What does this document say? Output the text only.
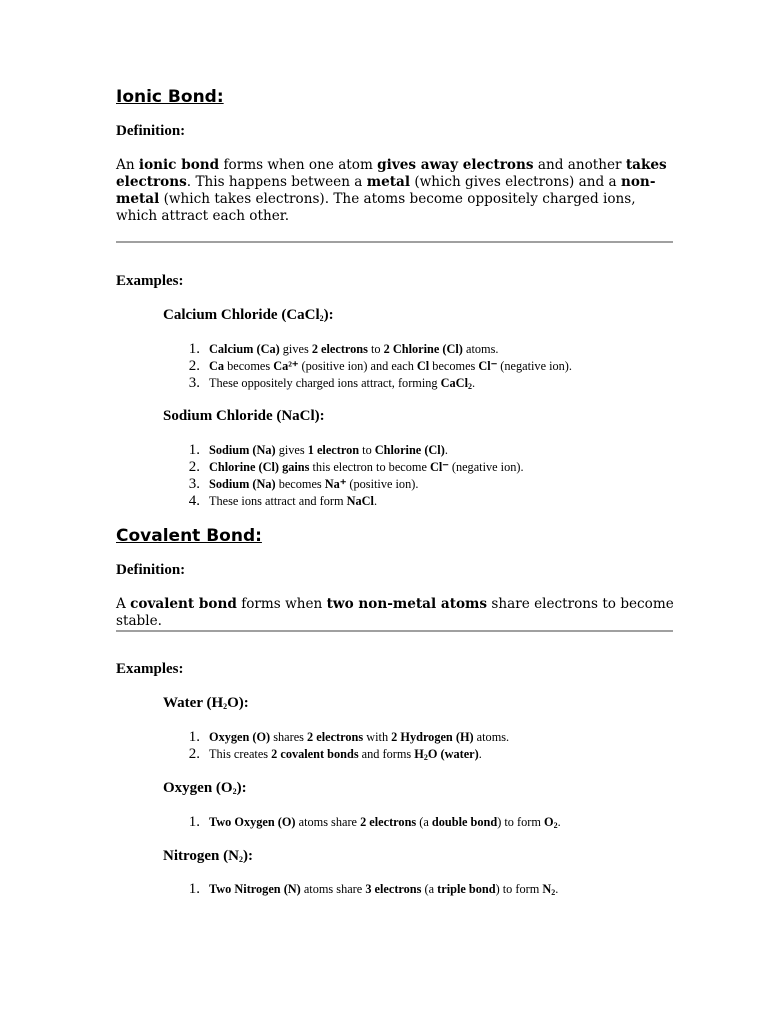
Ionic Bond:
Definition:
An ionic bond forms when one atom gives away electrons and another takes electrons. This happens between a metal (which gives electrons) and a non-metal (which takes electrons). The atoms become oppositely charged ions, which attract each other.
Examples:
Calcium Chloride (CaCl$_2$):
1. Calcium (Ca) gives 2 electrons to 2 Chlorine (Cl) atoms.
2. Ca becomes Ca²⁺ (positive ion) and each Cl becomes Cl⁻ (negative ion).
3. These oppositely charged ions attract, forming CaCl$_2$.
Sodium Chloride (NaCl):
1. Sodium (Na) gives 1 electron to Chlorine (Cl).
2. Chlorine (Cl) gains this electron to become Cl⁻ (negative ion).
3. Sodium (Na) becomes Na⁺ (positive ion).
4. These ions attract and form NaCl.
Covalent Bond:
Definition:
A covalent bond forms when two non-metal atoms share electrons to become stable.
Examples:
Water $(H_2O)$:
1. Oxygen (O) shares 2 electrons with 2 Hydrogen (H) atoms.
2. This creates 2 covalent bonds and forms $H_2O$ (water).
Oxygen $(O_2)$:
1. Two Oxygen (O) atoms share 2 electrons (a double bond) to form $O_2$.
Nitrogen $(N_2)$:
1. Two Nitrogen (N) atoms share 3 electrons (a triple bond) to form $N_2$.
